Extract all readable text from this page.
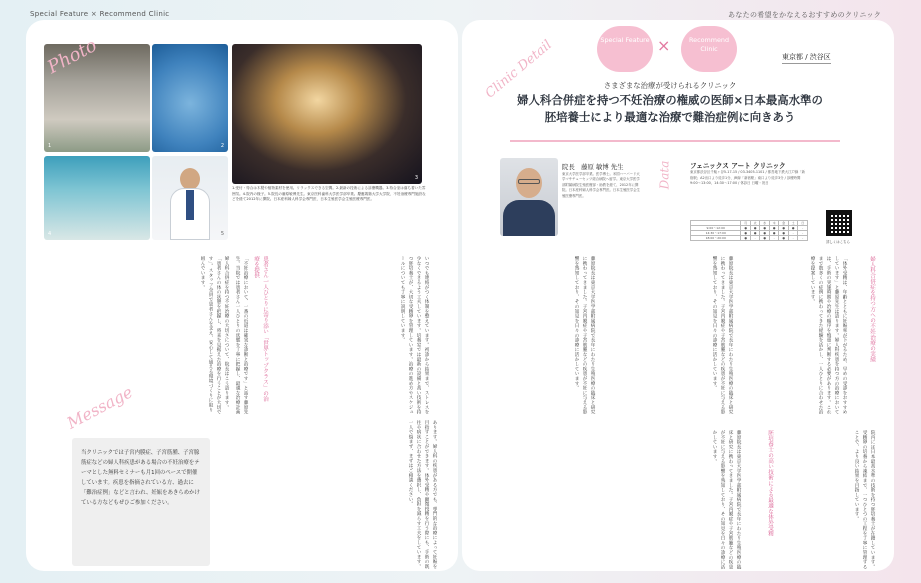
Special Feature × Recommend Clinic	あなたの希望をかなえるおすすめのクリニック
Photo
1	2
3
4	5
1.受付・待合は木製や植物素材を使用。リラックスできる空間。2.最新の技術による診療機器。3.待合室は落ち着いた雰囲気。4.院内の様子。5.院長の藤原敏博先生。東京医科歯科大学医学部卒業。慶應義塾大学大学院、不妊治療専門施設などを経て2012年に開院。日本産科婦人科学会専門医、日本生殖医学会生殖医療専門医。
患者さん一人ひとりに寄り添い「世界トップクラス」の治療を提供
「不妊治療において、一番の近道は確実な診断と治療です」と話す藤原先生。当院では患者さん一人ひとりの状態を丁寧に把握し、最適な治療計画	いつでも連絡がつく体制を整えています。初診から結果まで、ストレスを少なくできるよう工夫しています。培養室では最新の設備と高い技術を持つ胚培養士が、大切な受精卵を管理しています。治療の進め方やスケジュールについても丁寧に説明しています。
婦人科合併症を持つ不妊治療の大切さについて、院長はこう語ります。「患者さんの体の状態を把握し、将来を見据えた治療を行うことが大切です」。スタッフ全員で患者さんを支え、安心して通える環境づくりに取り組んでいます。
Message
当クリニックでは子宮内膜症、子宮筋腫、子宮腺筋症などの婦人科疾患がある場合の不妊治療をテーマとした無料セミナーも月1回のペースで開催しています。疾患を指摘されている方、過去に「難治症例」などと言われ、妊娠をあきらめかけている方などもぜひご参加ください。	あります。婦人科の疾患がある方でも、専門的な治療によって妊娠を目指すことができます。体外受精や顕微授精を行う際にも、手術の既往や病状に合わせた方法を選択し、負担を減らす工夫をしています。一人で悩まず、まずはご相談ください。
Clinic Detail	Special Feature ×	Recommend Clinic
東京都 / 渋谷区
さまざまな治療が受けられるクリニック
婦人科合併症を持つ不妊治療の権威の医師×日本最高水準の
胚培養士により最適な治療で難治症例に向きあう
院長　藤原 敏博 先生
東京大学医学部卒業。医学博士。米国ハーバード大学マサチューセッツ総合病院へ留学。東京大学医学部附属病院生殖医療部・助教を経て、2012年に開院。日本産科婦人科学会専門医。日本生殖医学会生殖医療専門医。
Data	フェニックス アート クリニック
東京都渋谷区千駄ヶ谷5-17-15 / 03-3405-1101 / 都営地下鉄大江戸線「新宿駅」A2出口より徒歩1分、JR線「新宿駅」南口より徒歩3分 / 診療時間 9:00〜13:00、14:30〜17:00 / 休診日 日曜・祝日
	月	火	水	木	金	土	日
9:00〜12:00	●	●	●	●	●	●	-
14:30〜17:00	●	●	●	●	●	-	-
18:00〜20:00	●	-	●	-	●	-	-
詳しくはこちら
婦人科合併症を持つ方への不妊治療の実績
「体外受精は、年齢とともに妊娠率が下がるため、早めの受診をおすすめしています」と藤原先生は語ります。婦人科疾患を持つ方の治療においては、手術の実施時期や治療の順序を慎重に判断する必要があります。これまで数多くの症例に携わってきた経験を活かし、一人ひとりに合わせた治療を提案しています。
藤原院長は東京大学医学部附属病院で長年にわたり生殖医療の臨床と研究に携わってきました。子宮内膜症や子宮筋腫などの疾患が不妊に与える影響を熟知しており、その知見を日々の診療に活かしています。
藤原院長は東京大学医学部附属病院で長年にわたり生殖医療の臨床と研究に携わってきました。子宮内膜症や子宮筋腫などの疾患が不妊に与える影響を熟知しており、その知見を日々の診療に活かしています。
胚培養士の高い技術による最適な体外受精	院内には日本最高水準の技術を持つ胚培養士が在籍しています。受精卵の培養から凍結まで、一つひとつの工程を丁寧に管理することで、より良い結果を目指しています。
藤原院長は東京大学医学部附属病院で長年にわたり生殖医療の臨床と研究に携わってきました。子宮内膜症や子宮筋腫などの疾患が不妊に与える影響を熟知しており、その知見を日々の診療に活かしています。
